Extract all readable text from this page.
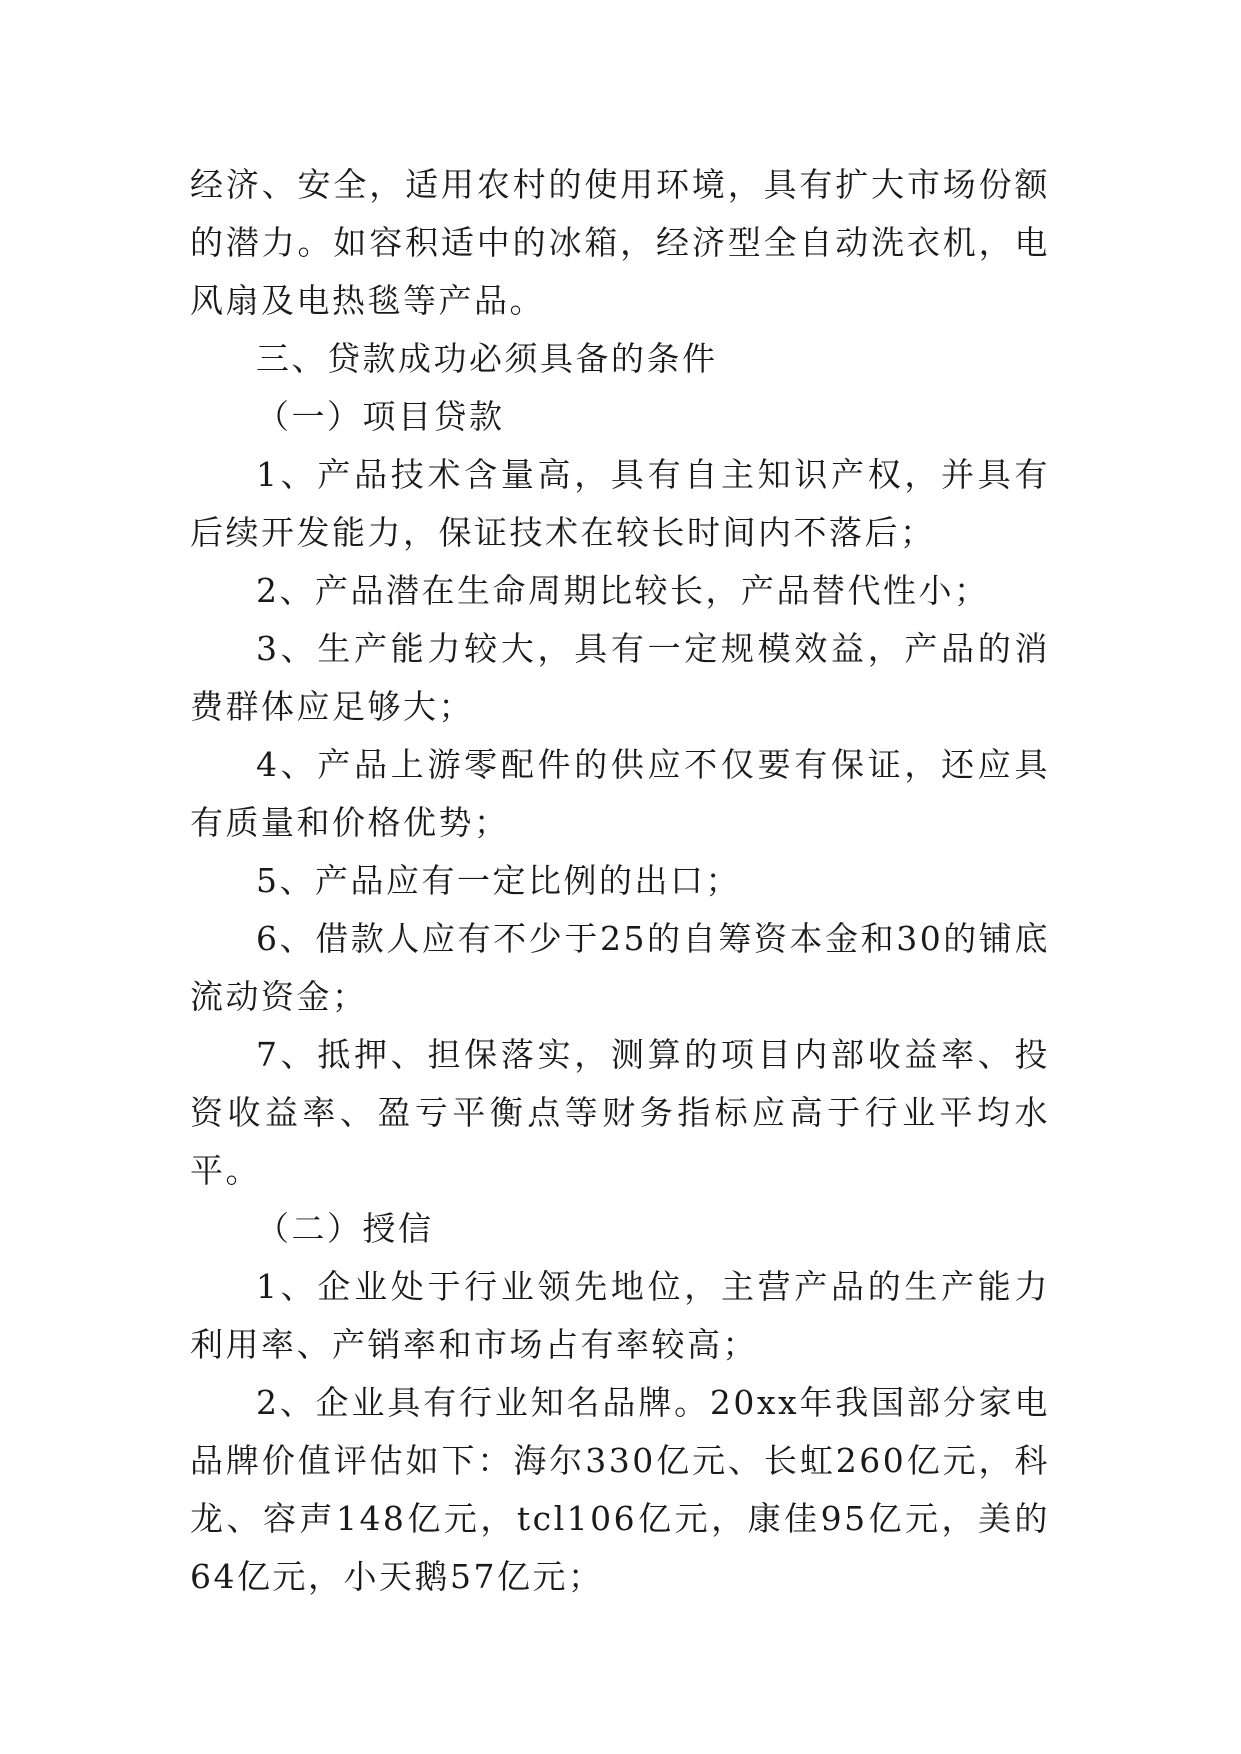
经济、安全，适用农村的使用环境，具有扩大市场份额的潜力。如容积适中的冰箱，经济型全自动洗衣机，电风扇及电热毯等产品。

三、贷款成功必须具备的条件

（一）项目贷款

1、产品技术含量高，具有自主知识产权，并具有后续开发能力，保证技术在较长时间内不落后；

2、产品潜在生命周期比较长，产品替代性小；

3、生产能力较大，具有一定规模效益，产品的消费群体应足够大；

4、产品上游零配件的供应不仅要有保证，还应具有质量和价格优势；

5、产品应有一定比例的出口；

6、借款人应有不少于25的自筹资本金和30的铺底流动资金；

7、抵押、担保落实，测算的项目内部收益率、投资收益率、盈亏平衡点等财务指标应高于行业平均水平。

（二）授信

1、企业处于行业领先地位，主营产品的生产能力利用率、产销率和市场占有率较高；

2、企业具有行业知名品牌。20xx年我国部分家电品牌价值评估如下：海尔330亿元、长虹260亿元，科龙、容声148亿元，tcl106亿元，康佳95亿元，美的64亿元，小天鹅57亿元；
